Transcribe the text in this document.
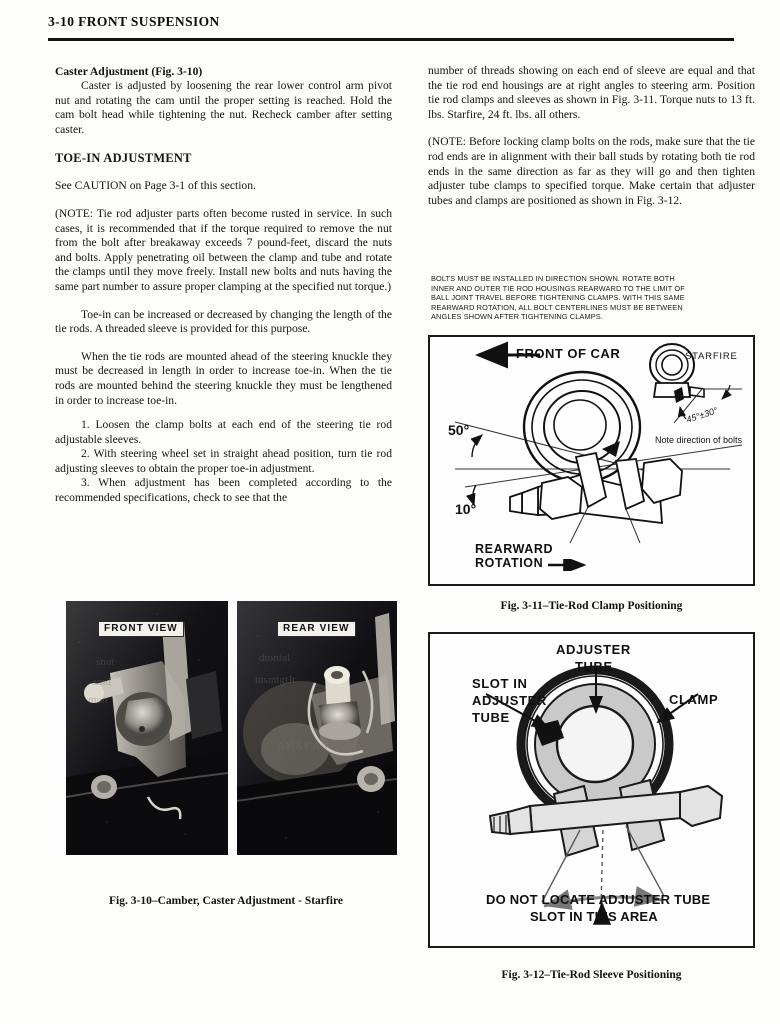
3-10 FRONT SUSPENSION
Caster Adjustment (Fig. 3-10)

Caster is adjusted by loosening the rear lower control arm pivot nut and rotating the cam until the proper setting is reached. Hold the cam bolt head while tightening the nut. Recheck camber after setting caster.

TOE-IN ADJUSTMENT

See CAUTION on Page 3-1 of this section.

(NOTE: Tie rod adjuster parts often become rusted in service. In such cases, it is recommended that if the torque required to remove the nut from the bolt after breakaway exceeds 7 pound-feet, discard the nuts and bolts. Apply penetrating oil between the clamp and tube and rotate the clamps until they move freely. Install new bolts and nuts having the same part number to assure proper clamping at the specified nut torque.)

Toe-in can be increased or decreased by changing the length of the tie rods. A threaded sleeve is provided for this purpose.

When the tie rods are mounted ahead of the steering knuckle they must be decreased in length in order to increase toe-in. When the tie rods are mounted behind the steering knuckle they must be lengthened in order to increase toe-in.

1. Loosen the clamp bolts at each end of the steering tie rod adjustable sleeves.

2. With steering wheel set in straight ahead position, turn tie rod adjusting sleeves to obtain the proper toe-in adjustment.

3. When adjustment has been completed according to the recommended specifications, check to see that the

number of threads showing on each end of sleeve are equal and that the tie rod end housings are at right angles to steering arm. Position tie rod clamps and sleeves as shown in Fig. 3-11. Torque nuts to 13 ft. lbs. Starfire, 24 ft. lbs. all others.

(NOTE: Before locking clamp bolts on the rods, make sure that the tie rod ends are in alignment with their ball studs by rotating both tie rod ends in the same direction as far as they will go and then tighten adjuster tube clamps to specified torque. Make certain that adjuster tubes and clamps are positioned as shown in Fig. 3-12.

BOLTS MUST BE INSTALLED IN DIRECTION SHOWN. ROTATE BOTH
INNER AND OUTER TIE ROD HOUSINGS REARWARD TO THE LIMIT OF
BALL JOINT TRAVEL BEFORE TIGHTENING CLAMPS. WITH THIS SAME
REARWARD ROTATION, ALL BOLT CENTERLINES MUST BE BETWEEN
ANGLES SHOWN AFTER TIGHTENING CLAMPS.
FRONT OF CAR	STARFIRE
45°±30°
Note direction of bolts
50°
10°
REARWARD
ROTATION
Fig. 3-11–Tie-Rod Clamp Positioning
ADJUSTER
TUBE
SLOT IN
ADJUSTER
TUBE
CLAMP
DO NOT LOCATE ADJUSTER TUBE
SLOT IN THIS AREA
Fig. 3-12–Tie-Rod Sleeve Positioning
snut
amd
mun
FRONT VIEW
dtonfal
tnsmtgtJt
AMA CAA
REAR VIEW
Fig. 3-10–Camber, Caster Adjustment - Starfire
